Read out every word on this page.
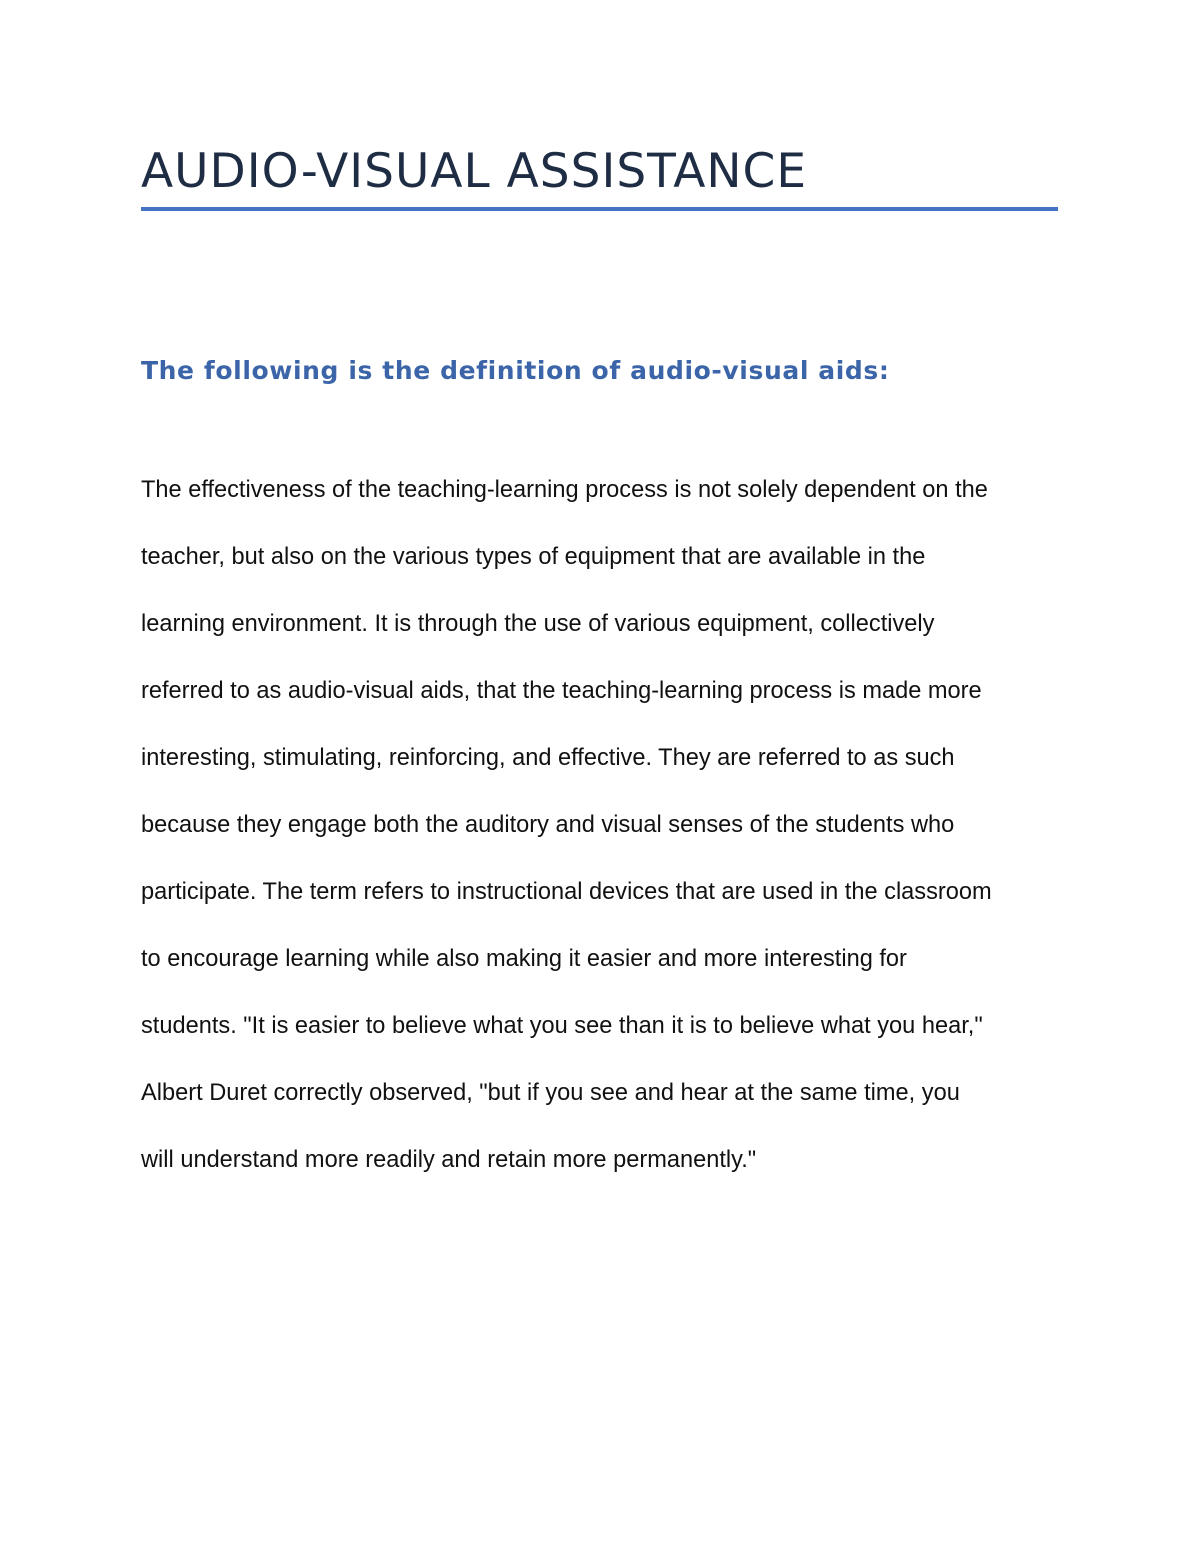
AUDIO-VISUAL ASSISTANCE
The following is the definition of audio-visual aids:

The effectiveness of the teaching-learning process is not solely dependent on the

teacher, but also on the various types of equipment that are available in the

learning environment. It is through the use of various equipment, collectively

referred to as audio-visual aids, that the teaching-learning process is made more

interesting, stimulating, reinforcing, and effective. They are referred to as such

because they engage both the auditory and visual senses of the students who

participate. The term refers to instructional devices that are used in the classroom

to encourage learning while also making it easier and more interesting for

students. "It is easier to believe what you see than it is to believe what you hear,"

Albert Duret correctly observed, "but if you see and hear at the same time, you

will understand more readily and retain more permanently."
